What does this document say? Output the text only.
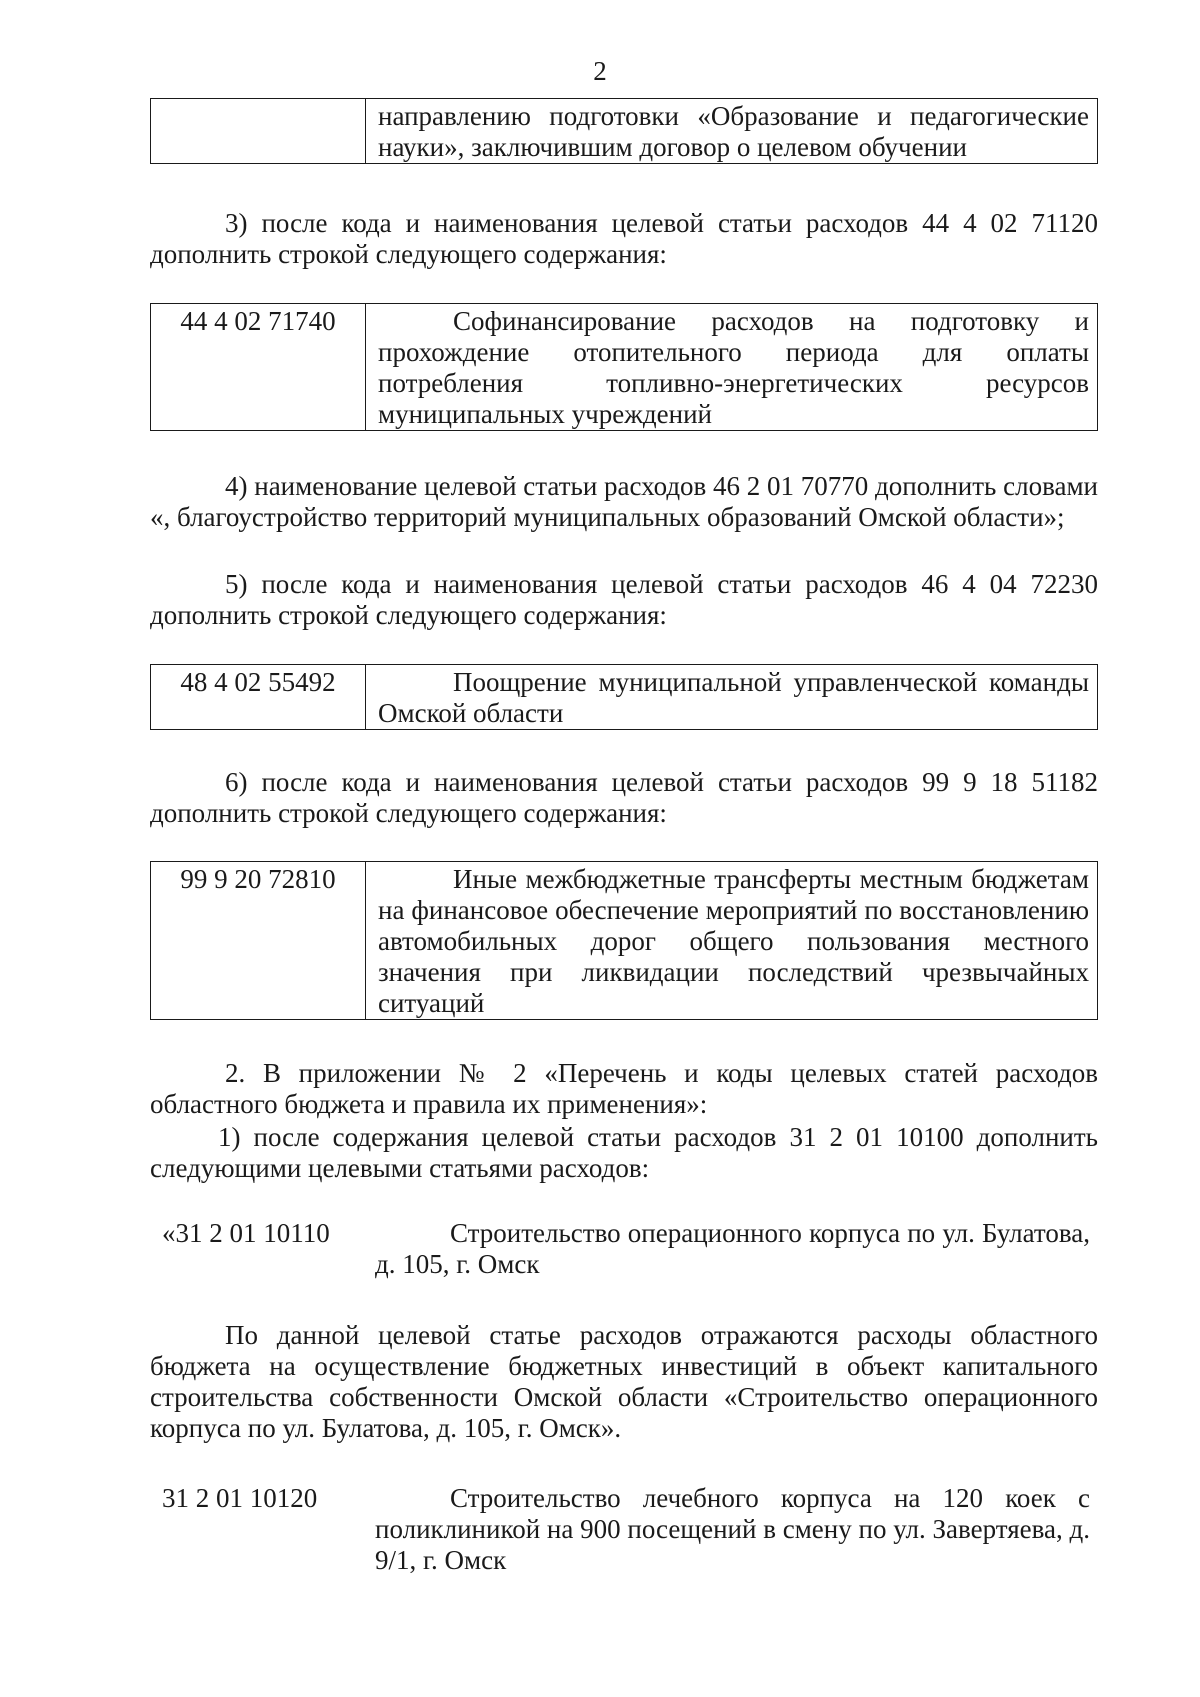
2
направлению подготовки «Образование и педагогические науки», заключившим договор о целевом обучении
3) после кода и наименования целевой статьи расходов 44 4 02 71120 дополнить строкой следующего содержания:
44 4 02 71740	Софинансирование расходов на подготовку и прохождение отопительного периода для оплаты потребления топливно-энергетических ресурсов муниципальных учреждений
4) наименование целевой статьи расходов 46 2 01 70770 дополнить словами «, благоустройство территорий муниципальных образований Омской области»;
5) после кода и наименования целевой статьи расходов 46 4 04 72230 дополнить строкой следующего содержания:
48 4 02 55492	Поощрение муниципальной управленческой команды Омской области
6) после кода и наименования целевой статьи расходов 99 9 18 51182 дополнить строкой следующего содержания:
99 9 20 72810	Иные межбюджетные трансферты местным бюджетам на финансовое обеспечение мероприятий по восстановлению автомобильных дорог общего пользования местного значения при ликвидации последствий чрезвычайных ситуаций
2. В приложении № 2 «Перечень и коды целевых статей расходов областного бюджета и правила их применения»:
1) после содержания целевой статьи расходов 31 2 01 10100 дополнить следующими целевыми статьями расходов:
«31 2 01 10110	Строительство операционного корпуса по ул. Булатова, д. 105, г. Омск
По данной целевой статье расходов отражаются расходы областного бюджета на осуществление бюджетных инвестиций в объект капитального строительства собственности Омской области «Строительство операционного корпуса по ул. Булатова, д. 105, г. Омск».
31 2 01 10120	Строительство лечебного корпуса на 120 коек с поликлиникой на 900 посещений в смену по ул. Завертяева, д. 9/1, г. Омск
